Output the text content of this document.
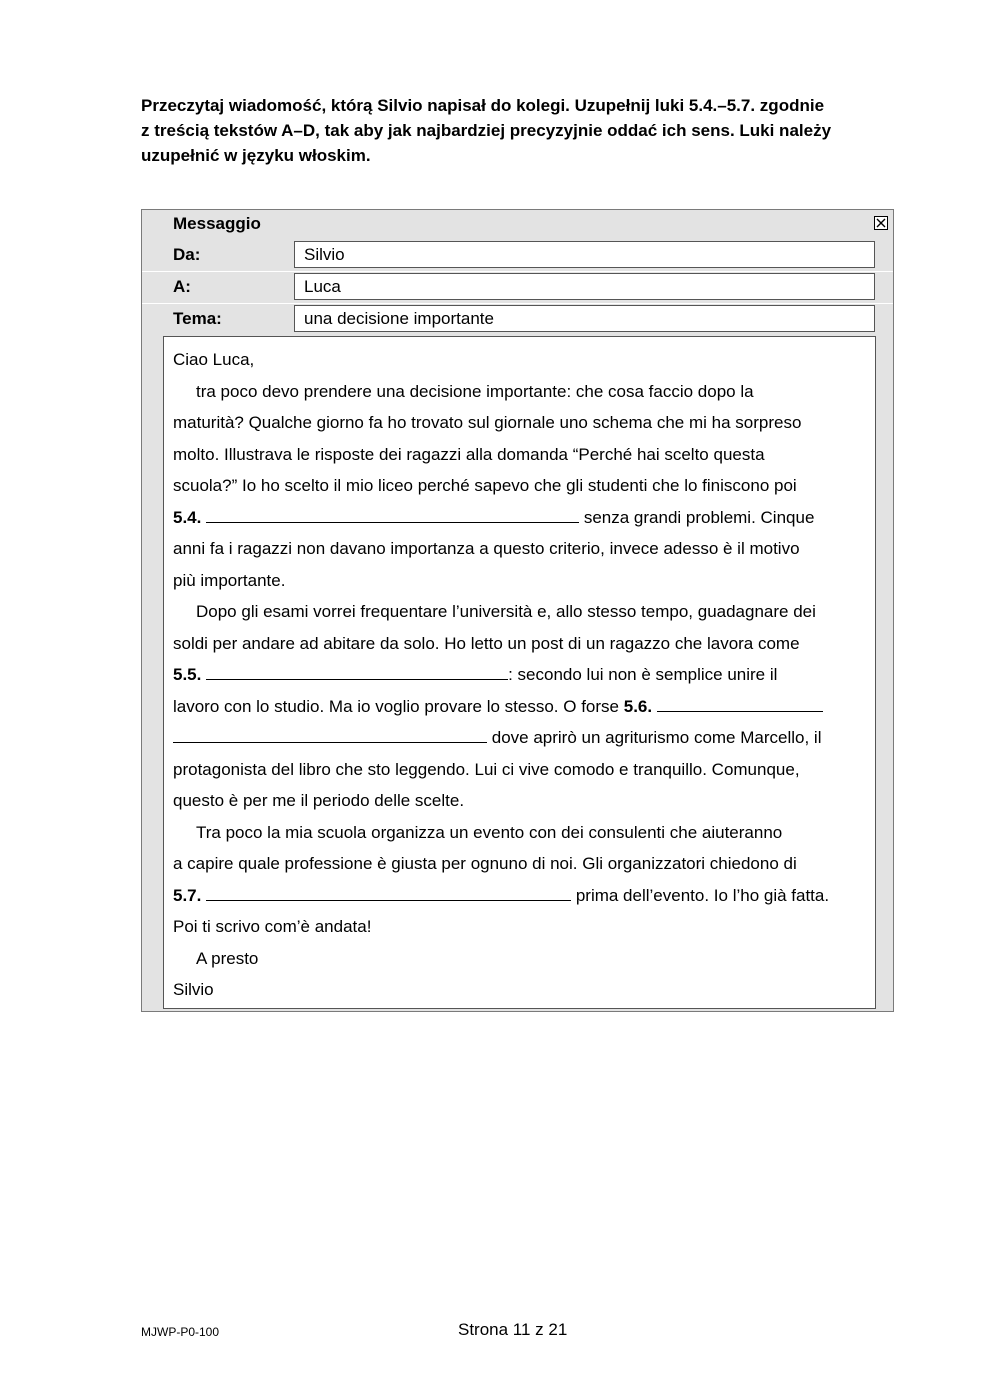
Przeczytaj wiadomość, którą Silvio napisał do kolegi. Uzupełnij luki 5.4.–5.7. zgodnie
z treścią tekstów A–D, tak aby jak najbardziej precyzyjnie oddać ich sens. Luki należy
uzupełnić w języku włoskim.
Messaggio
Da:	Silvio
A:	Luca
Tema:	una decisione importante
Ciao Luca,
tra poco devo prendere una decisione importante: che cosa faccio dopo la
maturità? Qualche giorno fa ho trovato sul giornale uno schema che mi ha sorpreso
molto. Illustrava le risposte dei ragazzi alla domanda “Perché hai scelto questa
scuola?” Io ho scelto il mio liceo perché sapevo che gli studenti che lo finiscono poi
5.4.	senza grandi problemi. Cinque
anni fa i ragazzi non davano importanza a questo criterio, invece adesso è il motivo
più importante.
Dopo gli esami vorrei frequentare l’università e, allo stesso tempo, guadagnare dei
soldi per andare ad abitare da solo. Ho letto un post di un ragazzo che lavora come
5.5.	: secondo lui non è semplice unire il
lavoro con lo studio. Ma io voglio provare lo stesso. O forse 5.6.
dove aprirò un agriturismo come Marcello, il
protagonista del libro che sto leggendo. Lui ci vive comodo e tranquillo. Comunque,
questo è per me il periodo delle scelte.
Tra poco la mia scuola organizza un evento con dei consulenti che aiuteranno
a capire quale professione è giusta per ognuno di noi. Gli organizzatori chiedono di
5.7.	prima dell’evento. Io l’ho già fatta.
Poi ti scrivo com’è andata!
A presto
Silvio
MJWP-P0-100	Strona 11 z 21
